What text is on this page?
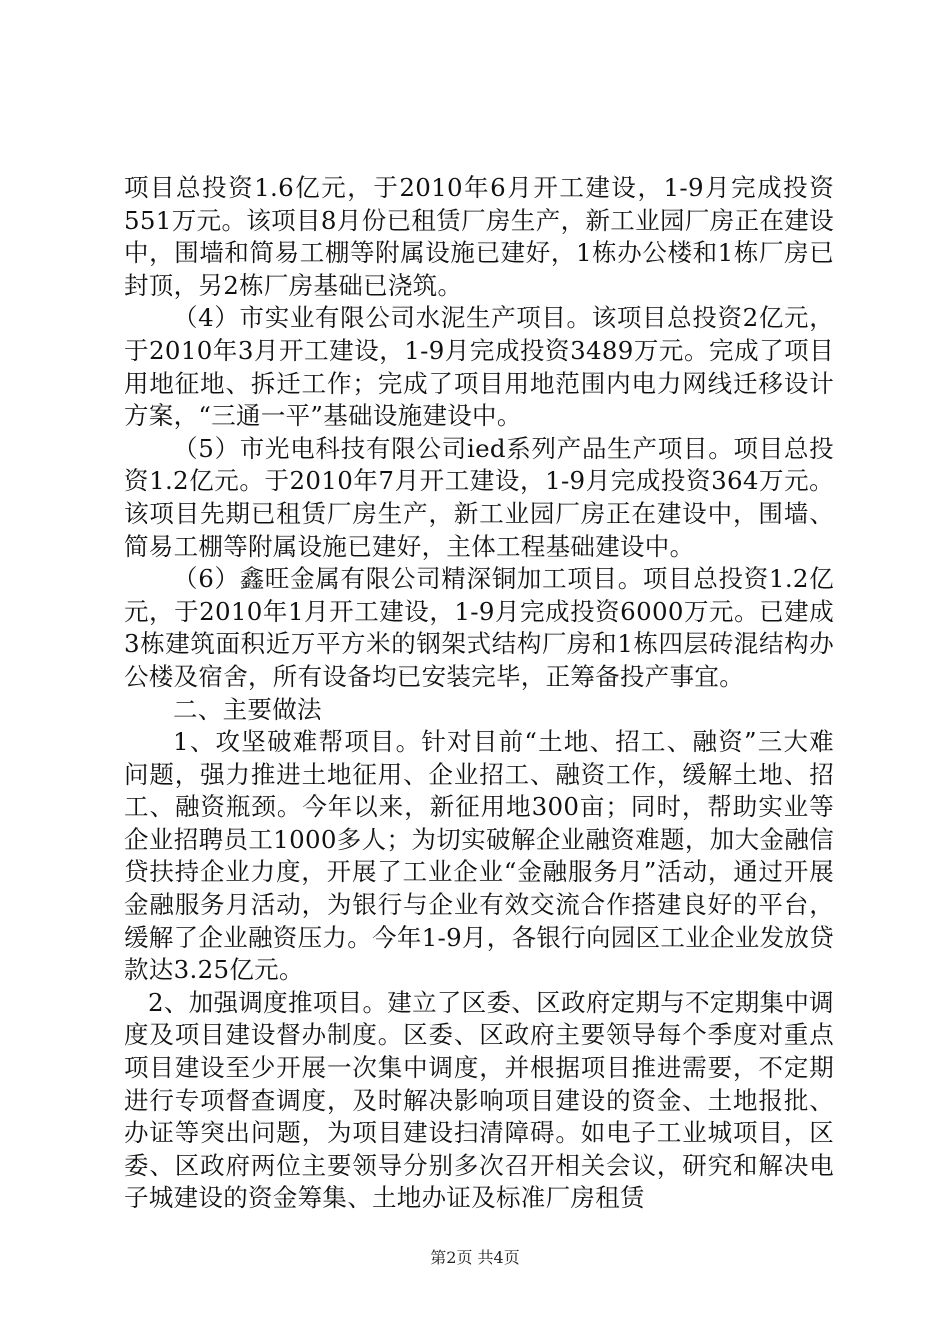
项目总投资1.6亿元，于2010年6月开工建设，1-9月完成投资551万元。该项目8月份已租赁厂房生产，新工业园厂房正在建设中，围墙和简易工棚等附属设施已建好，1栋办公楼和1栋厂房已封顶，另2栋厂房基础已浇筑。

（4）市实业有限公司水泥生产项目。该项目总投资2亿元，于2010年3月开工建设，1-9月完成投资3489万元。完成了项目用地征地、拆迁工作；完成了项目用地范围内电力网线迁移设计方案，“三通一平”基础设施建设中。

（5）市光电科技有限公司ied系列产品生产项目。项目总投资1.2亿元。于2010年7月开工建设，1-9月完成投资364万元。该项目先期已租赁厂房生产，新工业园厂房正在建设中，围墙、简易工棚等附属设施已建好，主体工程基础建设中。

（6）鑫旺金属有限公司精深铜加工项目。项目总投资1.2亿元，于2010年1月开工建设，1-9月完成投资6000万元。已建成3栋建筑面积近万平方米的钢架式结构厂房和1栋四层砖混结构办公楼及宿舍，所有设备均已安装完毕，正筹备投产事宜。

二、主要做法

1、攻坚破难帮项目。针对目前“土地、招工、融资”三大难问题，强力推进土地征用、企业招工、融资工作，缓解土地、招工、融资瓶颈。今年以来，新征用地300亩；同时，帮助实业等企业招聘员工1000多人；为切实破解企业融资难题，加大金融信贷扶持企业力度，开展了工业企业“金融服务月”活动，通过开展金融服务月活动，为银行与企业有效交流合作搭建良好的平台，缓解了企业融资压力。今年1-9月，各银行向园区工业企业发放贷款达3.25亿元。

2、加强调度推项目。建立了区委、区政府定期与不定期集中调度及项目建设督办制度。区委、区政府主要领导每个季度对重点项目建设至少开展一次集中调度，并根据项目推进需要，不定期进行专项督查调度，及时解决影响项目建设的资金、土地报批、办证等突出问题，为项目建设扫清障碍。如电子工业城项目，区委、区政府两位主要领导分别多次召开相关会议，研究和解决电子城建设的资金筹集、土地办证及标准厂房租赁

第2页 共4页
